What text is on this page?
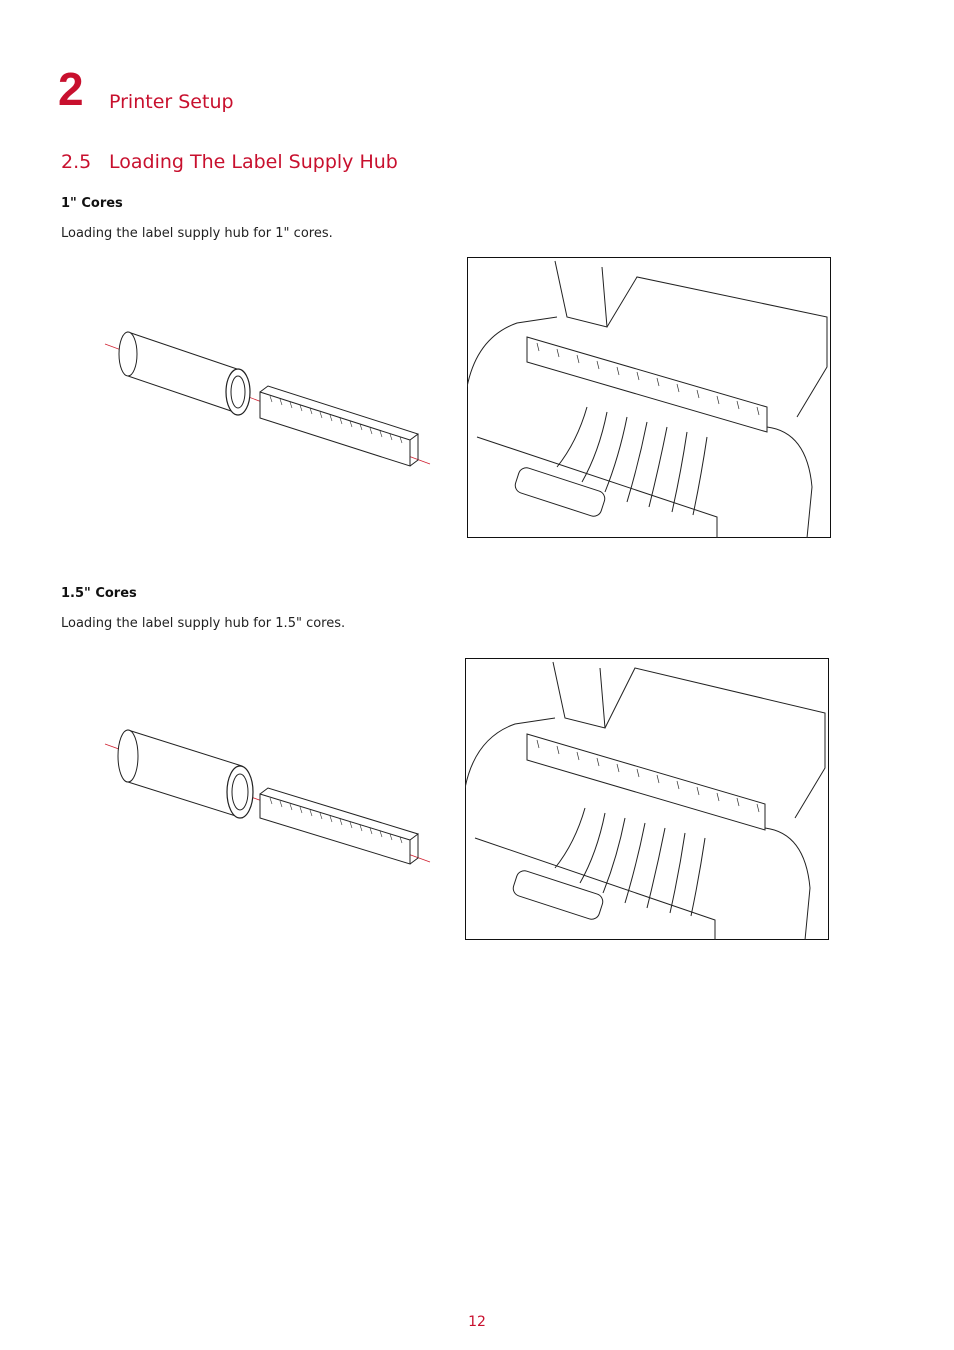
2 Printer Setup
2.5 Loading The Label Supply Hub
1" Cores
Loading the label supply hub for 1" cores.
1.5" Cores
Loading the label supply hub for 1.5" cores.
12
